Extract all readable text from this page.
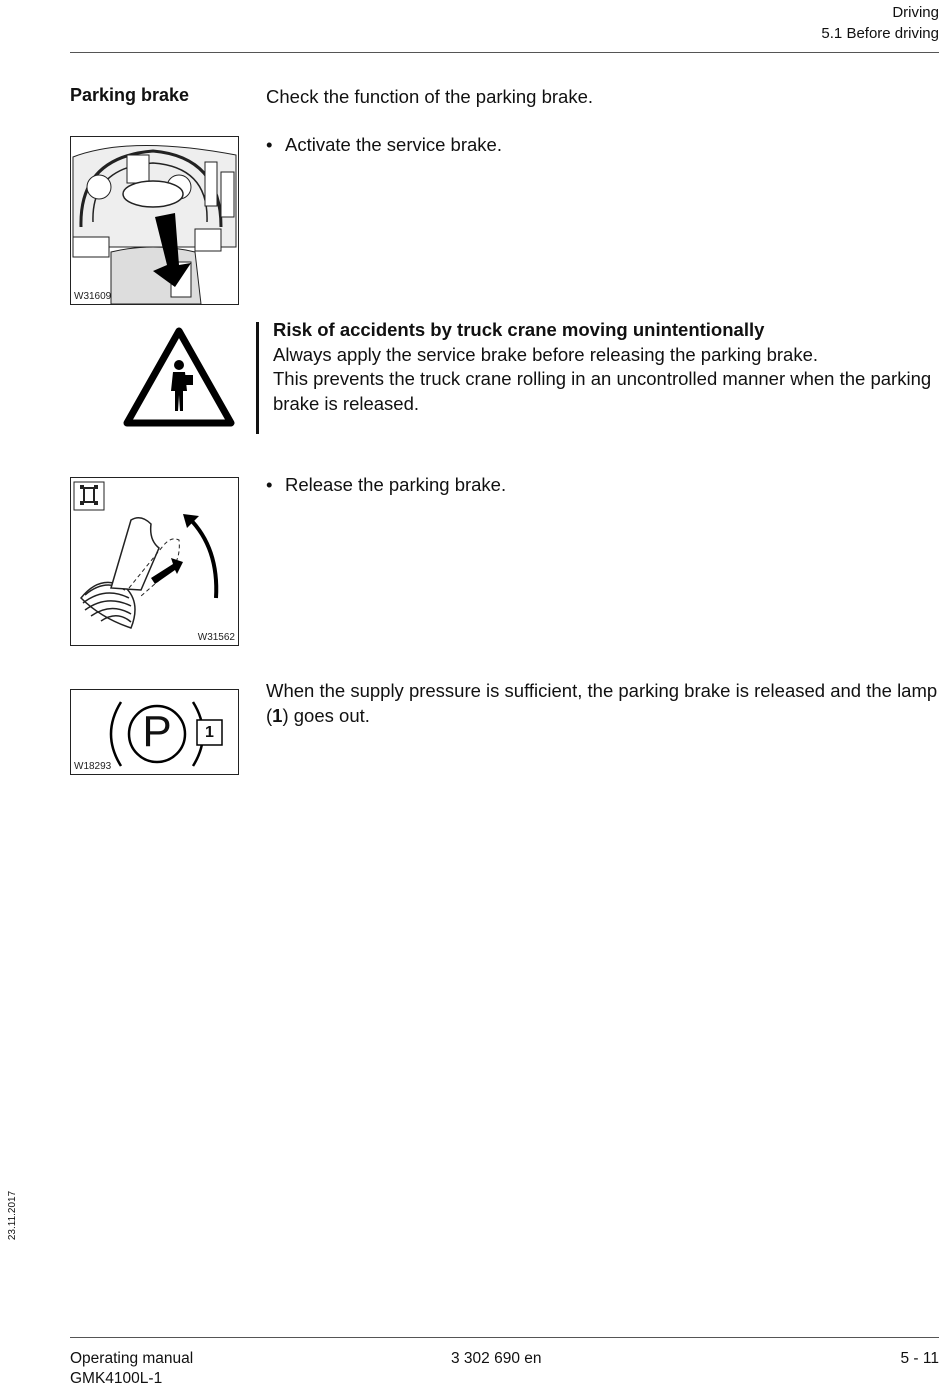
Driving
5.1 Before driving
Parking brake	Check the function of the parking brake.
• Activate the service brake.
W31609
Risk of accidents by truck crane moving unintentionally
Always apply the service brake before releasing the parking brake.
This prevents the truck crane rolling in an uncontrolled manner when the parking brake is released.
• Release the parking brake.
W31562
When the supply pressure is sufficient, the parking brake is released and the lamp (1) goes out.
P	1
W18293
23.11.2017
Operating manual
GMK4100L-1
3 302 690 en	5 - 11
